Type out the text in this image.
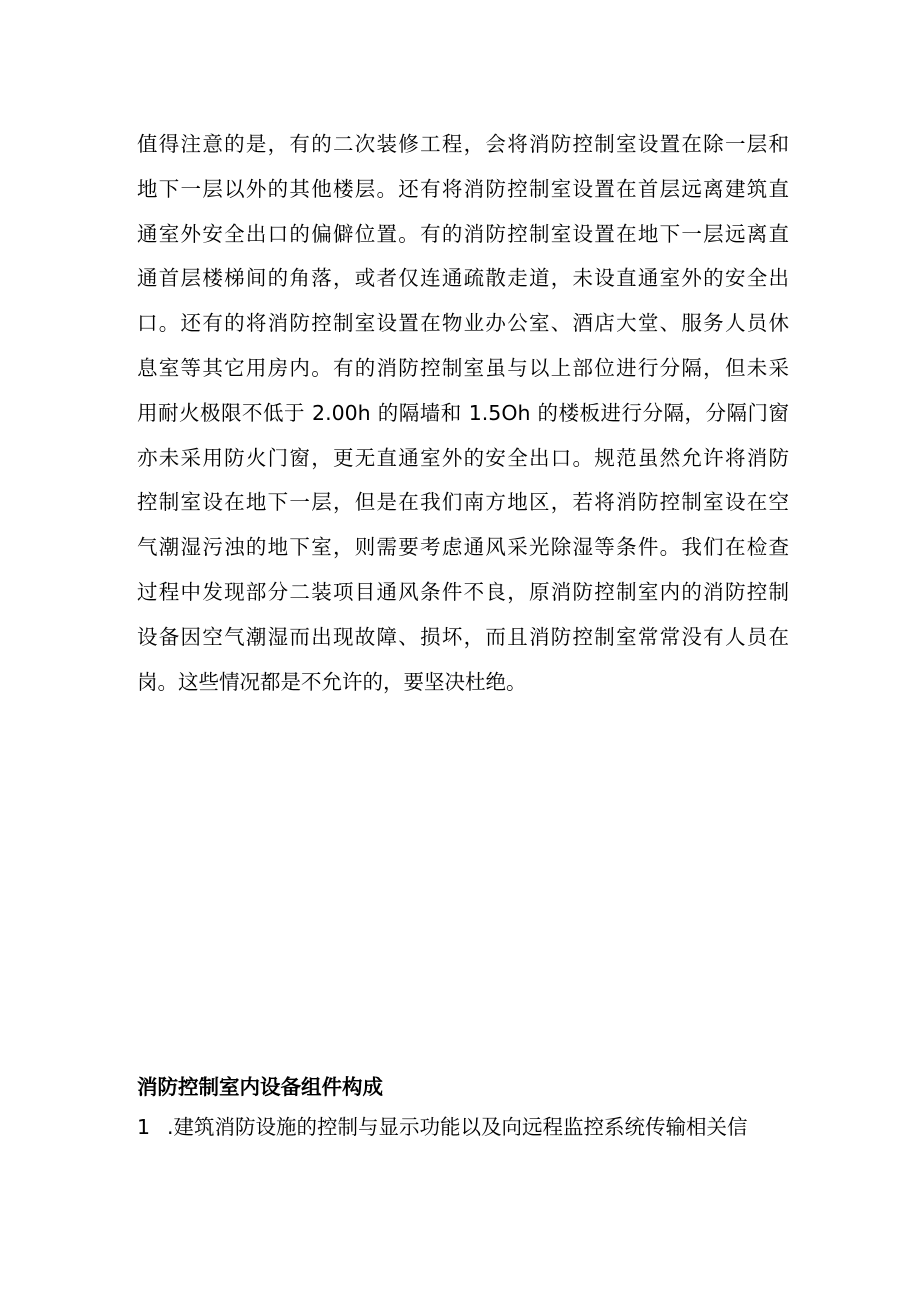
值得注意的是，有的二次装修工程，会将消防控制室设置在除一层和
地下一层以外的其他楼层。还有将消防控制室设置在首层远离建筑直
通室外安全出口的偏僻位置。有的消防控制室设置在地下一层远离直
通首层楼梯间的角落，或者仅连通疏散走道，未设直通室外的安全出
口。还有的将消防控制室设置在物业办公室、酒店大堂、服务人员休
息室等其它用房内。有的消防控制室虽与以上部位进行分隔，但未采
用耐火极限不低于 2.00h 的隔墙和 1.5Oh 的楼板进行分隔，分隔门窗
亦未采用防火门窗，更无直通室外的安全出口。规范虽然允许将消防
控制室设在地下一层，但是在我们南方地区，若将消防控制室设在空
气潮湿污浊的地下室，则需要考虑通风采光除湿等条件。我们在检查
过程中发现部分二装项目通风条件不良，原消防控制室内的消防控制
设备因空气潮湿而出现故障、损坏，而且消防控制室常常没有人员在
岗。这些情况都是不允许的，要坚决杜绝。
消防控制室内设备组件构成

1 .建筑消防设施的控制与显示功能以及向远程监控系统传输相关信
